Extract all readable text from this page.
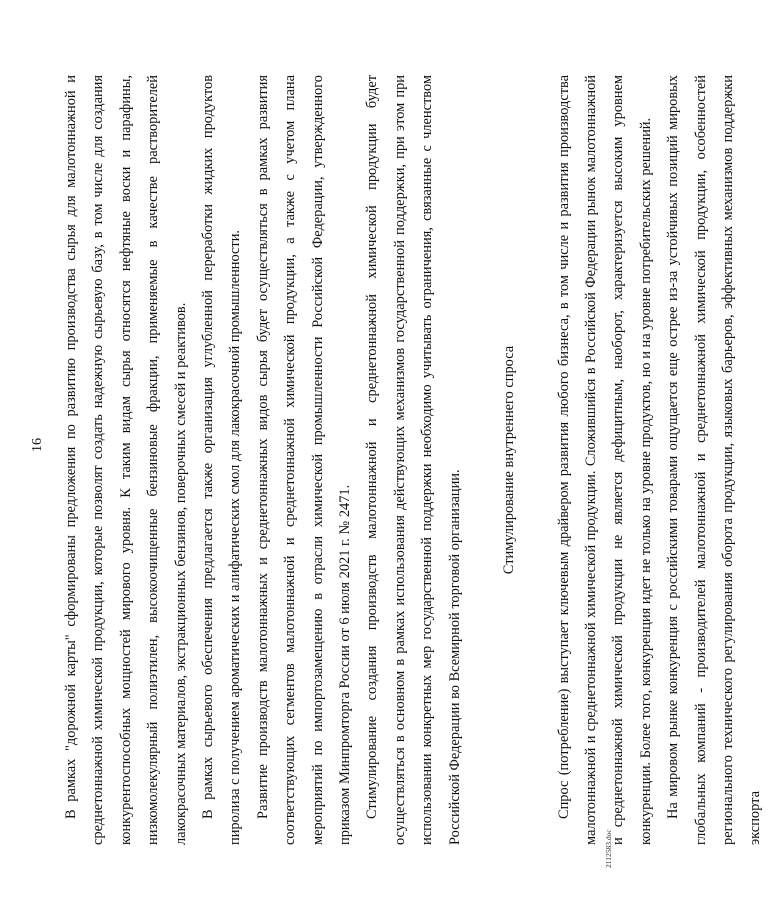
16	В рамках "дорожной карты" сформированы предложения по развитию производства сырья для малотоннажной и среднетоннажной химической продукции, которые позволят создать надежную сырьевую базу, в том числе для создания конкурентоспособных мощностей мирового уровня. К таким видам сырья относятся нефтяные воски и парафины, низкомолекулярный полиэтилен, высокоочищенные бензиновые фракции, применяемые в качестве растворителей лакокрасочных материалов, экстракционных бензинов, поверочных смесей и реактивов. В рамках сырьевого обеспечения предлагается также организация углубленной переработки жидких продуктов пиролиза с получением ароматических и алифатических смол для лакокрасочной промышленности. Развитие производств малотоннажных и среднетоннажных видов сырья будет осуществляться в рамках развития соответствующих сегментов малотоннажной и среднетоннажной химической продукции, а также с учетом плана мероприятий по импортозамещению в отрасли химической промышленности Российской Федерации, утвержденного приказом Минпромторга России от 6 июля 2021 г. № 2471. Стимулирование создания производств малотоннажной и среднетоннажной химической продукции будет осуществляться в основном в рамках использования действующих механизмов государственной поддержки, при этом при использовании конкретных мер государственной поддержки необходимо учитывать ограничения, связанные с членством Российской Федерации во Всемирной торговой организации.

Стимулирование внутреннего спроса	Спрос (потребление) выступает ключевым драйвером развития любого бизнеса, в том числе и развития производства малотоннажной и среднетоннажной химической продукции. Сложившийся в Российской Федерации рынок малотоннажной и среднетоннажной химической продукции не является дефицитным, наоборот, характеризуется высоким уровнем конкуренции. Более того, конкуренция идет не только на уровне продуктов, но и на уровне потребительских решений. На мировом рынке конкуренция с российскими товарами ощущается еще острее из-за устойчивых позиций мировых глобальных компаний - производителей малотоннажной и среднетоннажной химической продукции, особенностей регионального технического регулирования оборота продукции, языковых барьеров, эффективных механизмов поддержки экспорта

2112583.doc
